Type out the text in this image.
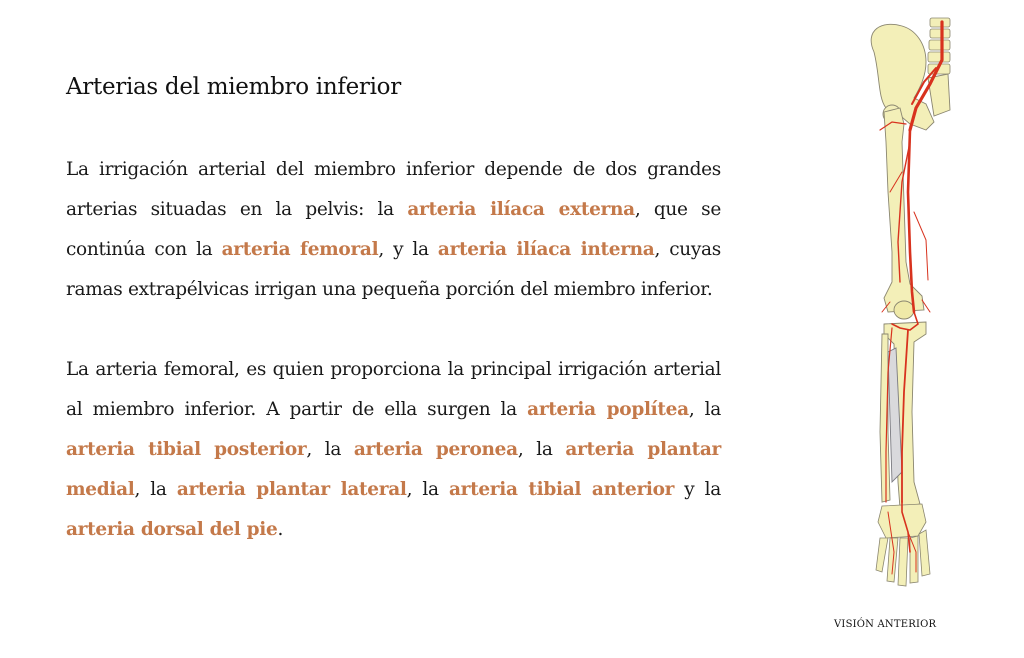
Arterias del miembro inferior

La irrigación arterial del miembro inferior depende de dos grandes arterias situadas en la pelvis: la arteria ilíaca externa, que se continúa con la arteria femoral, y la arteria ilíaca interna, cuyas ramas extrapélvicas irrigan una pequeña porción del miembro inferior.

La arteria femoral, es quien proporciona la principal irrigación arterial al miembro inferior. A partir de ella surgen la arteria poplítea, la arteria tibial posterior, la arteria peronea, la arteria plantar medial, la arteria plantar lateral, la arteria tibial anterior y la arteria dorsal del pie.

VISIÓN ANTERIOR
